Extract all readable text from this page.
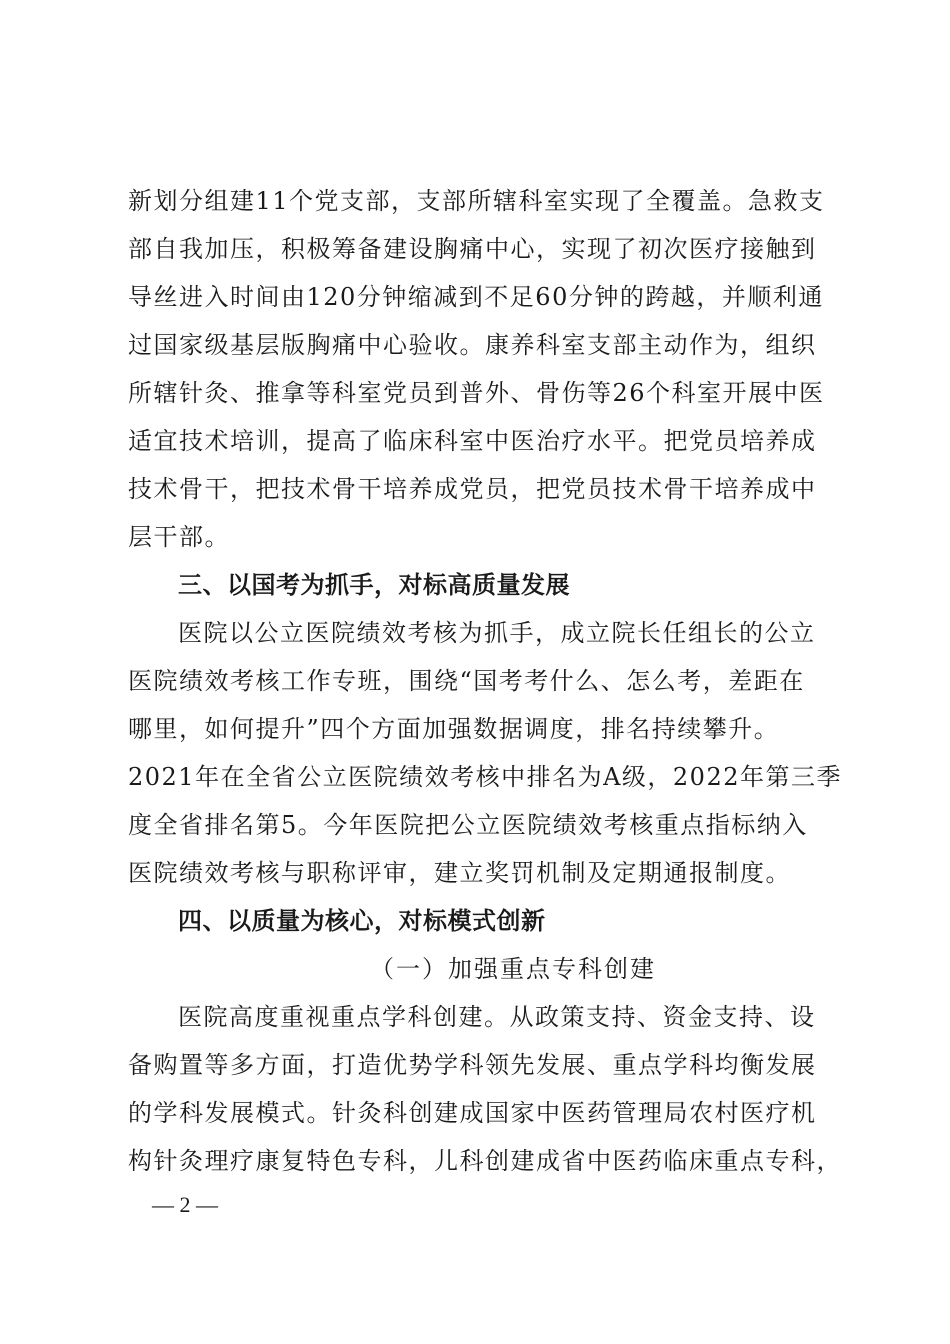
新划分组建11个党支部，支部所辖科室实现了全覆盖。急救支
部自我加压，积极筹备建设胸痛中心，实现了初次医疗接触到
导丝进入时间由120分钟缩减到不足60分钟的跨越，并顺利通
过国家级基层版胸痛中心验收。康养科室支部主动作为，组织
所辖针灸、推拿等科室党员到普外、骨伤等26个科室开展中医
适宜技术培训，提高了临床科室中医治疗水平。把党员培养成
技术骨干，把技术骨干培养成党员，把党员技术骨干培养成中
层干部。
三、以国考为抓手，对标高质量发展
医院以公立医院绩效考核为抓手，成立院长任组长的公立
医院绩效考核工作专班，围绕“国考考什么、怎么考，差距在
哪里，如何提升”四个方面加强数据调度，排名持续攀升。
2021年在全省公立医院绩效考核中排名为A级，2022年第三季
度全省排名第5。今年医院把公立医院绩效考核重点指标纳入
医院绩效考核与职称评审，建立奖罚机制及定期通报制度。
四、以质量为核心，对标模式创新
（一）加强重点专科创建
医院高度重视重点学科创建。从政策支持、资金支持、设
备购置等多方面，打造优势学科领先发展、重点学科均衡发展
的学科发展模式。针灸科创建成国家中医药管理局农村医疗机
构针灸理疗康复特色专科，儿科创建成省中医药临床重点专科，
— 2 —
